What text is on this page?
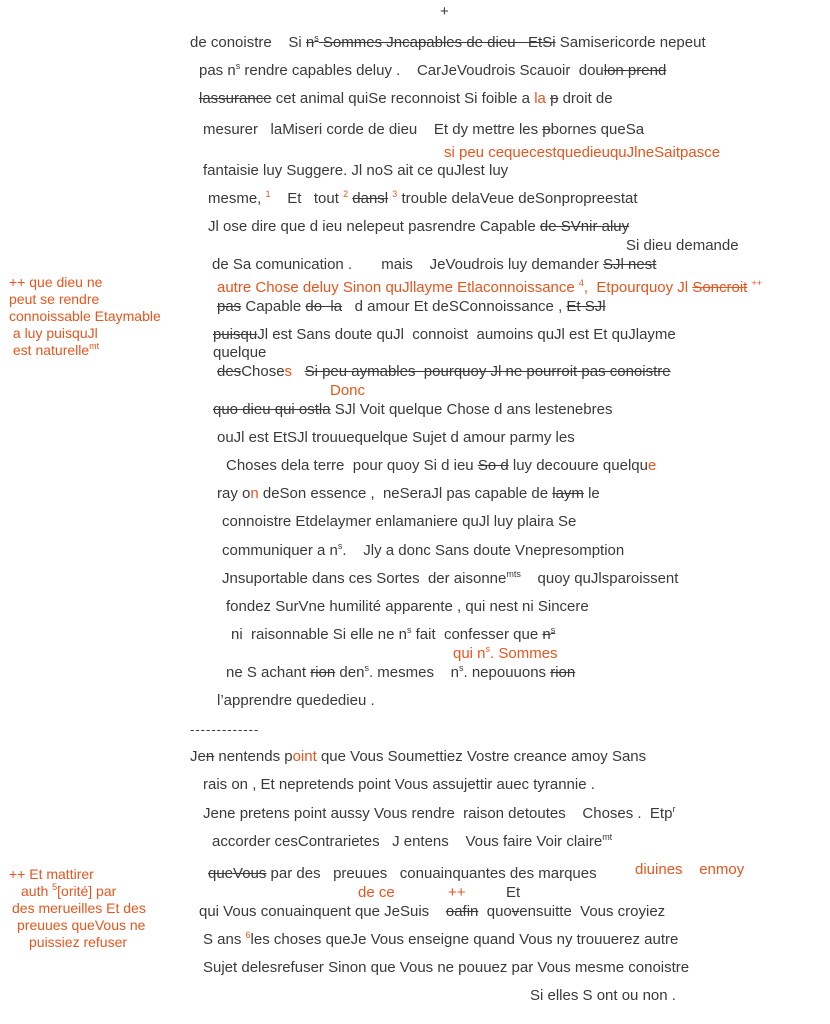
+
++ que dieu ne
peut se rendre
connoissable Etaymable
a luy puisquJl
est naturelle$^{mt}$
++ Et mattirer
auth $^5$[orité] par
des merueilles Et des
preuues queVous ne
puissiez refuser
de conoistre    Si $n^s$ Sommes Jncapables de dieu   EtSi Samisericorde nepeut
pas $n^s$ rendre capables deluy .    CarJeVoudrois Scauoir  doulon prend
lassurance cet animal quiSe reconnoist Si foible a la p droit de
mesurer   laMiseri corde de dieu    Et dy mettre les pbornes queSa
si peu cequecestquedieuquJlneSaitpasce
fantaisie luy Suggere. Jl noS ait ce quJlest luy
mesme, $^1$    Et   tout $^2$ dansl $^3$ trouble delaVeue deSonpropreestat
Jl ose dire que d ieu nelepeut pasrendre Capable de SVnir aluy
Si dieu demande
de Sa comunication .       mais    JeVoudrois luy demander SJl nest
autre Chose deluy Sinon quJllayme Etlaconnoissance $^4$,  Etpourquoy Jl Soncroit ++
pas Capable do  la   d amour Et deSConnoissance , Et SJl
puisquJl est Sans doute quJl  connoist  aumoins quJl est Et quJlayme
quelque
desChoses Si peu aymables  pourquoy Jl ne pourroit pas conoistre
Donc
quo dieu qui ostla SJl Voit quelque Chose d ans lestenebres
ouJl est EtSJl trouuequelque Sujet d amour parmy les
Choses dela terre  pour quoy Si d ieu So d luy decouure quelque
ray on deSon essence ,  neSeraJl pas capable de laym le
connoistre Etdelaymer enlamaniere quJl luy plaira Se
communiquer a $n^s$.    Jly a donc Sans doute Vnepresomption
Jnsuportable dans ces Sortes  der aisonne$^{mts}$    quoy quJlsparoissent
fondez SurVne humilité apparente , qui nest ni Sincere
ni  raisonnable Si elle ne $n^s$ fait  confesser que $n^s$
qui $n^s$. Sommes
ne S achant rion den$^s$. mesmes    $n^s$. nepouuons rion
l’apprendre quededieu .
-------------
Jen nentends point que Vous Soumettiez Vostre creance amoy Sans
rais on , Et nepretends point Vous assujettir auec tyrannie .
Jene pretens point aussy Vous rendre  raison detoutes    Choses .  Etp$^r$
accorder cesContrarietes   J entens    Vous faire Voir claire$^{mt}$
diuines    enmoy
queVous par des   preuues   conuainquantes des marques
de ce	++	Et
qui Vous conuainquent que JeSuis    oafin  quovensuitte  Vous croyiez
S ans $^6$les choses queJe Vous enseigne quand Vous ny trouuerez autre
Sujet delesrefuser Sinon que Vous ne pouuez par Vous mesme conoistre
Si elles S ont ou non .
